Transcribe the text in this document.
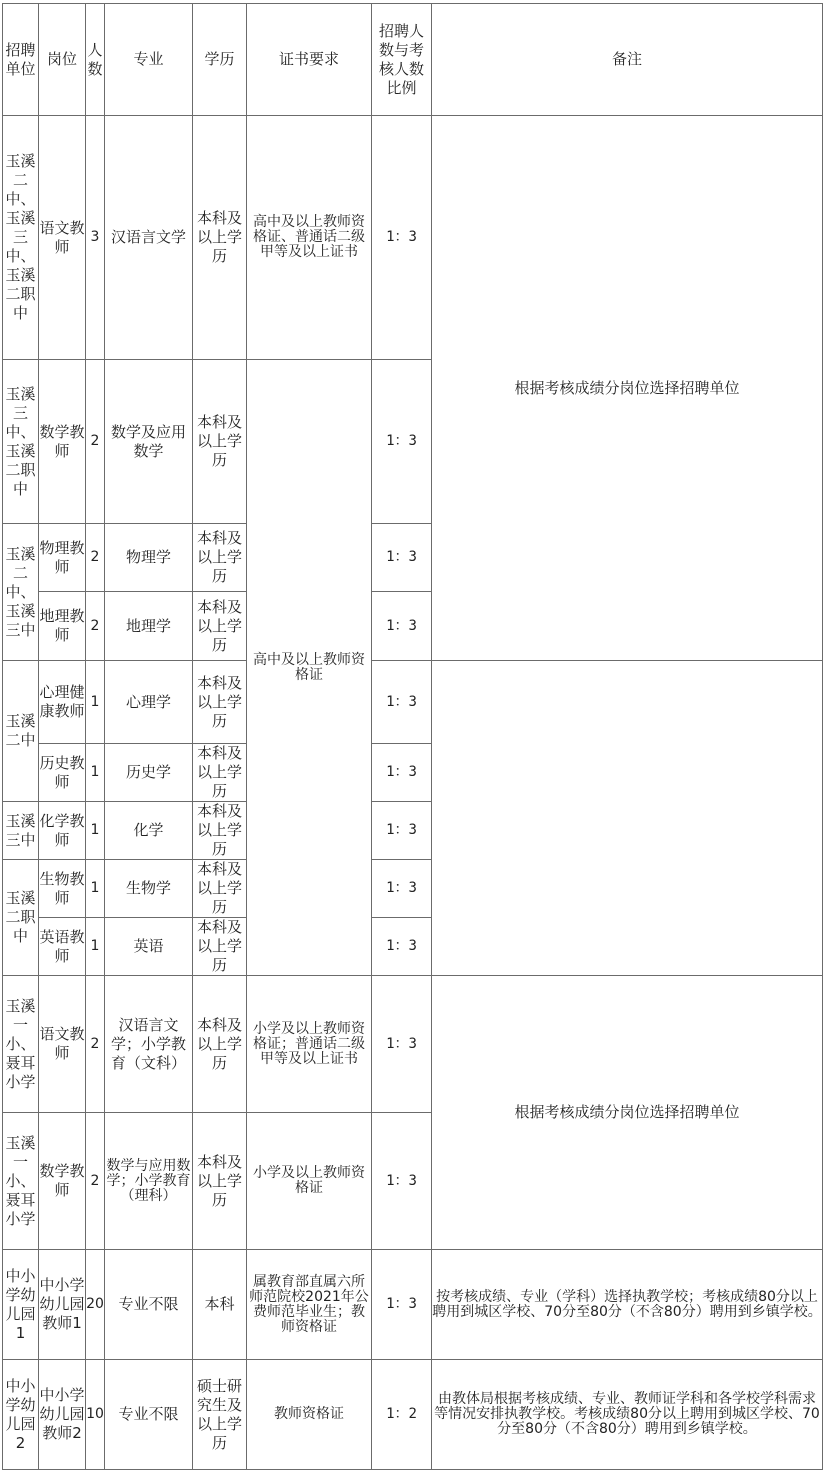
招聘单位	岗位	人数	专业	学历	证书要求	招聘人数与考核人数比例	备注
玉溪二中、玉溪三中、玉溪二职中	语文教师	3	汉语言文学	本科及以上学历	高中及以上教师资格证、普通话二级甲等及以上证书	1：3	根据考核成绩分岗位选择招聘单位
玉溪三中、玉溪二职中	数学教师	2	数学及应用数学	本科及以上学历	高中及以上教师资格证	1：3	
玉溪二中、玉溪三中	物理教师	2	物理学	本科及以上学历		1：3	
	地理教师	2	地理学	本科及以上学历		1：3	
玉溪二中	心理健康教师	1	心理学	本科及以上学历		1：3	
	历史教师	1	历史学	本科及以上学历		1：3	
玉溪三中	化学教师	1	化学	本科及以上学历		1：3	
玉溪二职中	生物教师	1	生物学	本科及以上学历		1：3	
	英语教师	1	英语	本科及以上学历		1：3	
玉溪一小、聂耳小学	语文教师	2	汉语言文学；小学教育（文科）	本科及以上学历	小学及以上教师资格证；普通话二级甲等及以上证书	1：3	根据考核成绩分岗位选择招聘单位
玉溪一小、聂耳小学	数学教师	2	数学与应用数学；小学教育（理科）	本科及以上学历	小学及以上教师资格证	1：3	
中小学幼儿园1	中小学幼儿园教师1	20	专业不限	本科	属教育部直属六所师范院校2021年公费师范毕业生；教师资格证	1：3	按考核成绩、专业（学科）选择执教学校；考核成绩80分以上聘用到城区学校、70分至80分（不含80分）聘用到乡镇学校。
中小学幼儿园2	中小学幼儿园教师2	10	专业不限	硕士研究生及以上学历	教师资格证	1：2	由教体局根据考核成绩、专业、教师证学科和各学校学科需求等情况安排执教学校。考核成绩80分以上聘用到城区学校、70分至80分（不含80分）聘用到乡镇学校。
